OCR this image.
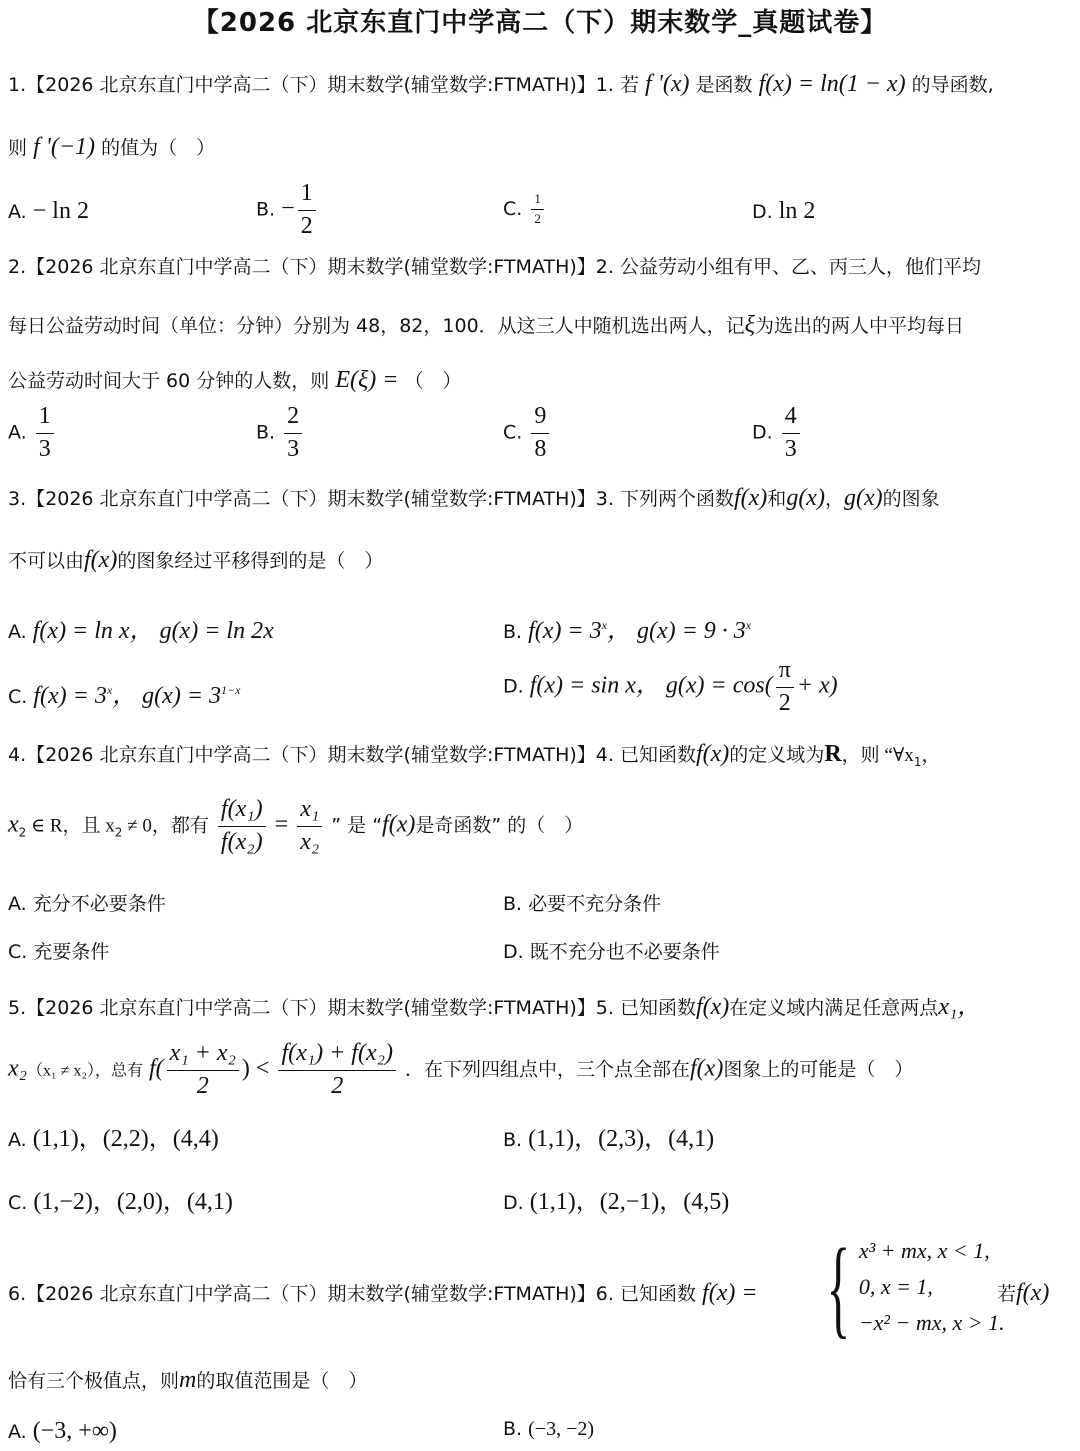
【2026 北京东直门中学高二（下）期末数学_真题试卷】
1.【2026 北京东直门中学高二（下）期末数学(辅堂数学:FTMATH)】1. 若 f '(x) 是函数 f(x) = ln(1 − x) 的导函数,
则 f '(−1) 的值为（　）
A. − ln 2	B. − $\frac{1}{2}$	C. $\frac{1}{2}$	D. ln 2
2.【2026 北京东直门中学高二（下）期末数学(辅堂数学:FTMATH)】2. 公益劳动小组有甲、乙、丙三人，他们平均
每日公益劳动时间（单位：分钟）分别为 48，82，100．从这三人中随机选出两人，记ξ为选出的两人中平均每日
公益劳动时间大于 60 分钟的人数，则 E(ξ) = （　）
A. $\frac{1}{3}$	B. $\frac{2}{3}$	C. $\frac{9}{8}$	D. $\frac{4}{3}$
3.【2026 北京东直门中学高二（下）期末数学(辅堂数学:FTMATH)】3. 下列两个函数f(x)和g(x)，g(x)的图象
不可以由f(x)的图象经过平移得到的是（　）
A. f(x) = ln x， g(x) = ln 2x	B. $f(x) = 3^x$， $g(x) = 9 \cdot 3^x$
C. $f(x) = 3^x$， $g(x) = 3^{1-x}$	D. f(x) = sin x， $g(x) = \cos( \frac{\pi}{2} + x)$
4.【2026 北京东直门中学高二（下）期末数学(辅堂数学:FTMATH)】4. 已知函数f(x)的定义域为R，则 “$\forall x_1$，
$x_2$ ∈ R，且 $x_2 \ne 0$，都有 $\frac{\text{f(x₁)}}{\text{f(x₂)}} = \frac{\text{x₁}}{\text{x₂}}$ ” 是 “f(x)是奇函数” 的（　）
A. 充分不必要条件	B. 必要不充分条件
C. 充要条件	D. 既不充分也不必要条件
5.【2026 北京东直门中学高二（下）期末数学(辅堂数学:FTMATH)】5. 已知函数f(x)在定义域内满足任意两点x₁，
x₂（x₁ ≠ x₂），总有 $f( \frac{\text{x₁ + x₂}}{2}$ ) < $\frac{\text{f(x₁) + f(x₂)}}{2}$ ．在下列四组点中，三个点全部在f(x)图象上的可能是（　）
A. (1,1)，(2,2)，(4,4)	B. (1,1)，(2,3)，(4,1)
C. (1,−2)，(2,0)，(4,1)	D. (1,1)，(2,−1)，(4,5)
6.【2026 北京东直门中学高二（下）期末数学(辅堂数学:FTMATH)】6. 已知函数 f(x) = { x³ + mx, x < 1,
0, x = 1,
−x² − mx, x > 1.
若f(x)
恰有三个极值点，则m的取值范围是（　）
A. (−3, +∞)	B. (−3, −2)
